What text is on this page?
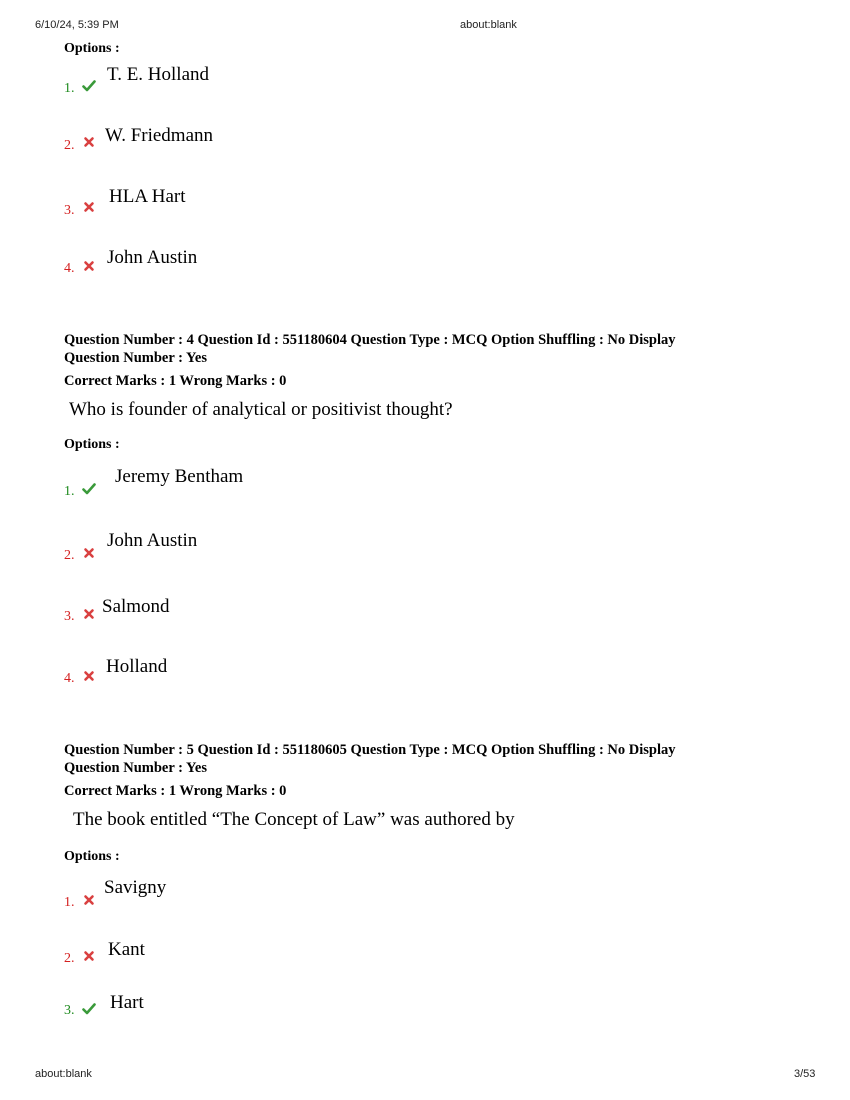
6/10/24, 5:39 PM	about:blank
Options :
1.
T. E. Holland
2. W. Friedmann
3.
HLA Hart
4.
John Austin
Question Number : 4 Question Id : 551180604 Question Type : MCQ Option Shuffling : No Display
Question Number : Yes
Correct Marks : 1 Wrong Marks : 0
Who is founder of analytical or positivist thought?
Options :
1.
Jeremy Bentham
2.
John Austin
3. Salmond
4.
Holland
Question Number : 5 Question Id : 551180605 Question Type : MCQ Option Shuffling : No Display
Question Number : Yes
Correct Marks : 1 Wrong Marks : 0
The book entitled “The Concept of Law” was authored by
Options :
1.
Savigny
2. Kant
3. Hart
about:blank	3/53
